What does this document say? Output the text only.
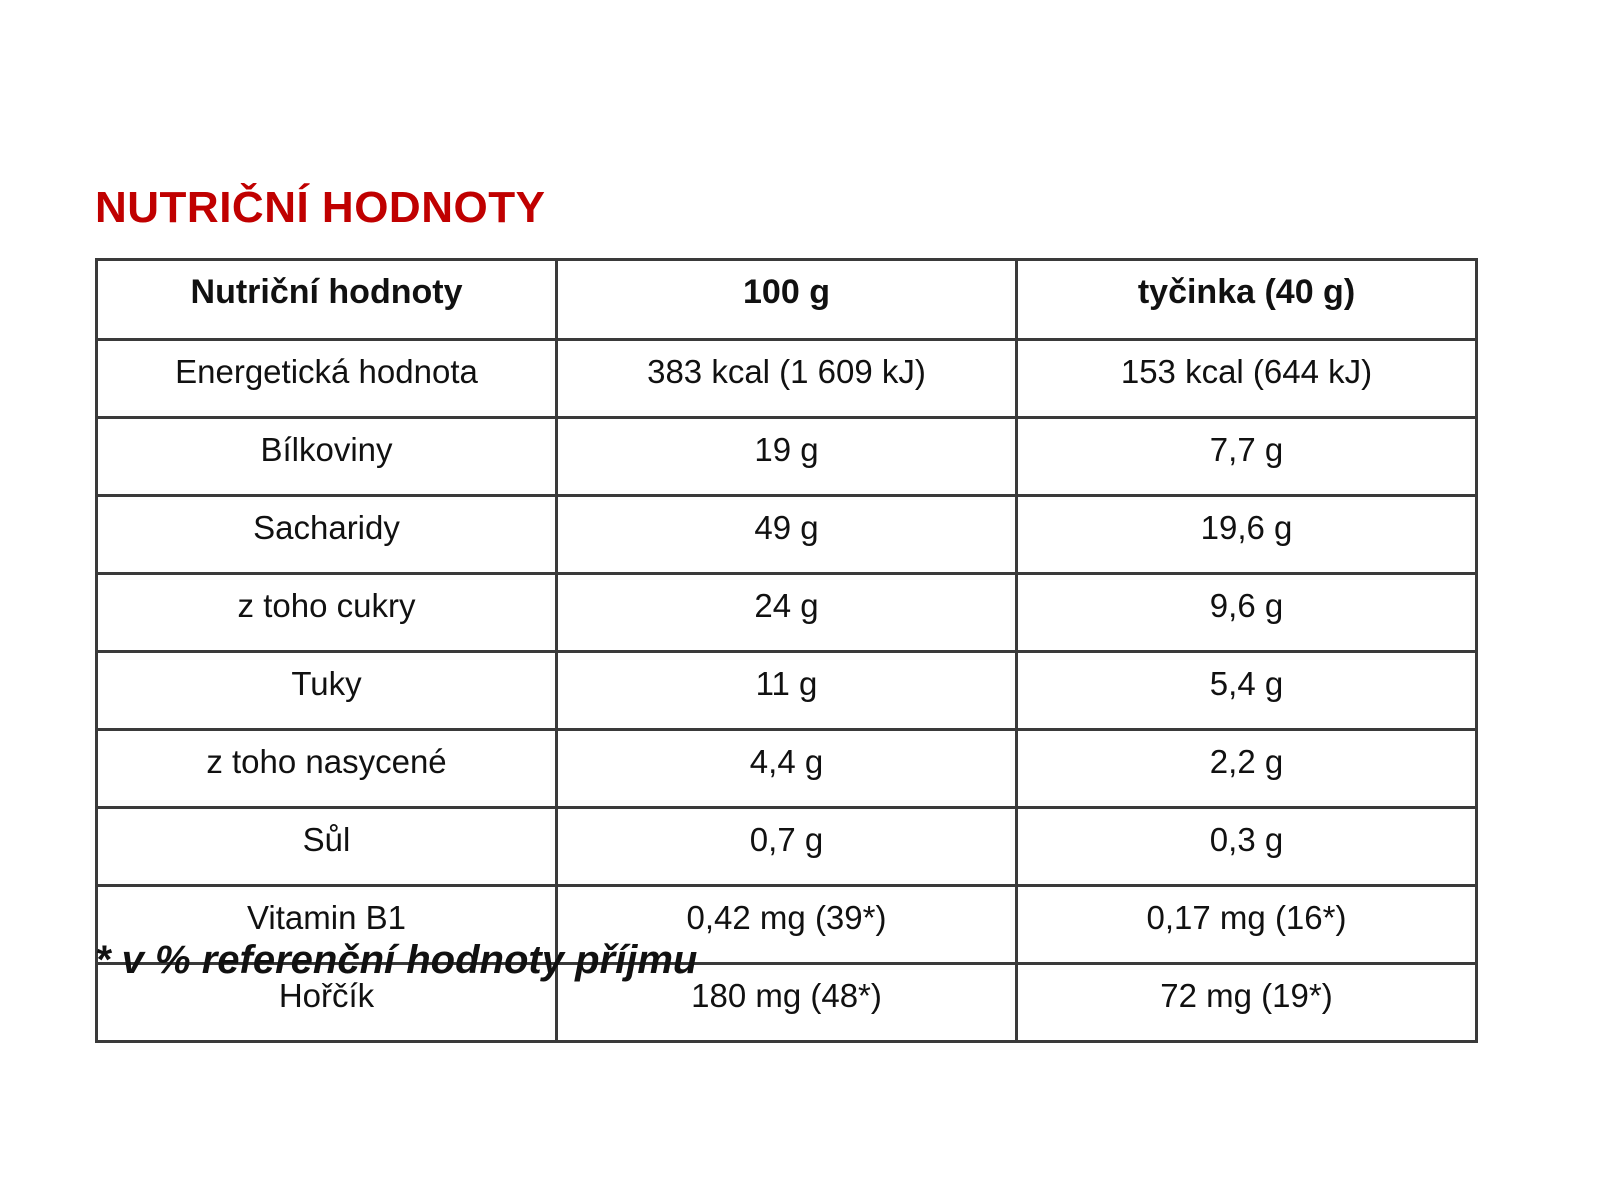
NUTRIČNÍ HODNOTY
Nutriční hodnoty	100 g	tyčinka (40 g)
Energetická hodnota	383 kcal (1 609 kJ)	153 kcal (644 kJ)
Bílkoviny	19 g	7,7 g
Sacharidy	49 g	19,6 g
z toho cukry	24 g	9,6 g
Tuky	11 g	5,4 g
z toho nasycené	4,4 g	2,2 g
Sůl	0,7 g	0,3 g
Vitamin B1	0,42 mg (39*)	0,17 mg (16*)
Hořčík	180 mg (48*)	72 mg (19*)

* v % referenční hodnoty příjmu
